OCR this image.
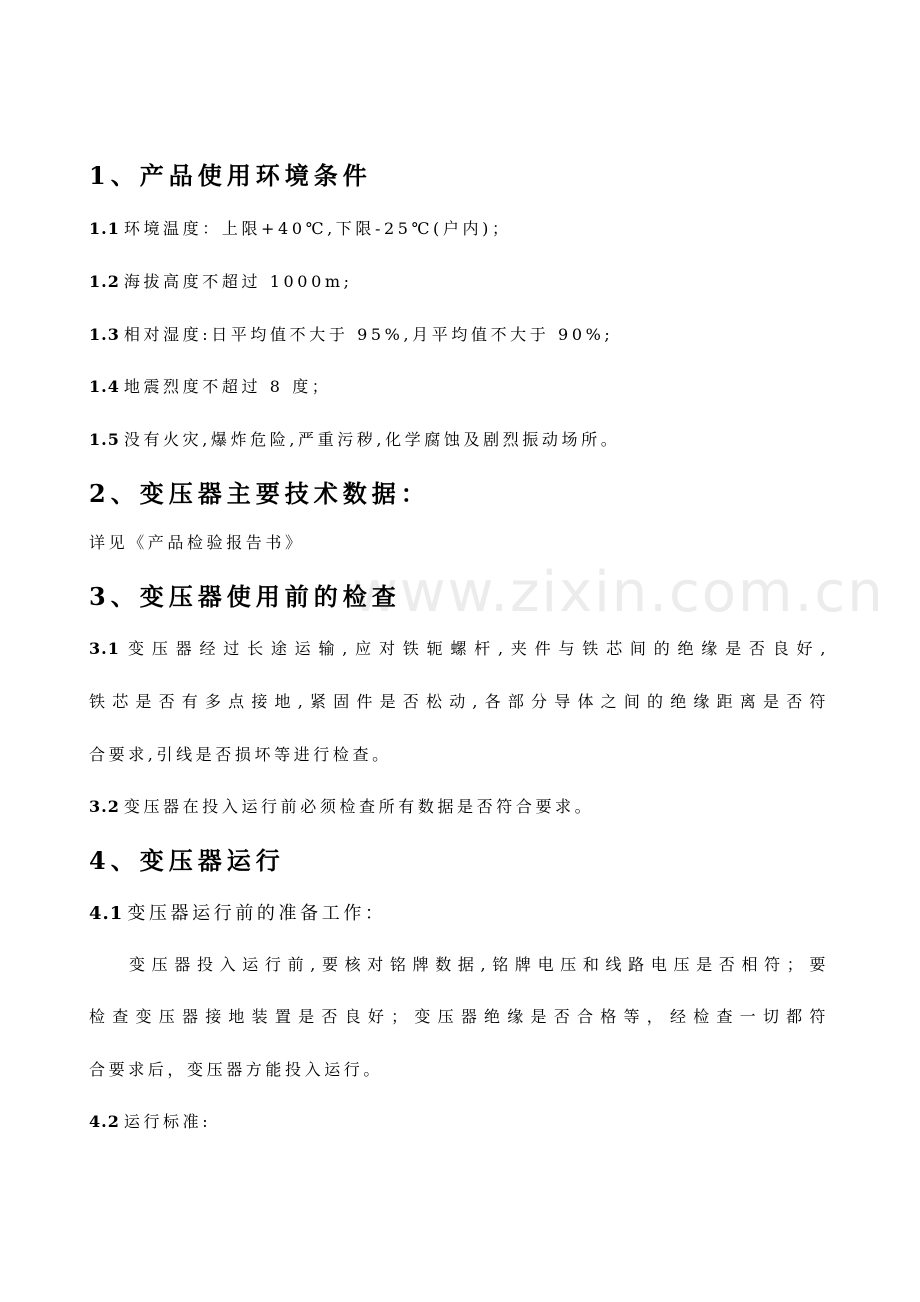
www.zixin.com.cn
1、产品使用环境条件
1.1 环境温度：上限+40℃,下限-25℃(户内)；
1.2 海拔高度不超过 1000m;
1.3 相对湿度:日平均值不大于 95%,月平均值不大于 90%;
1.4 地震烈度不超过 8 度；
1.5 没有火灾,爆炸危险,严重污秽,化学腐蚀及剧烈振动场所。
2、变压器主要技术数据：
详见《产品检验报告书》
3、变压器使用前的检查
3.1 变压器经过长途运输,应对铁轭螺杆,夹件与铁芯间的绝缘是否良好,
铁芯是否有多点接地,紧固件是否松动,各部分导体之间的绝缘距离是否符
合要求,引线是否损坏等进行检查。
3.2 变压器在投入运行前必须检查所有数据是否符合要求。
4、变压器运行
4.1 变压器运行前的准备工作：
变压器投入运行前,要核对铭牌数据,铭牌电压和线路电压是否相符；要
检查变压器接地装置是否良好；变压器绝缘是否合格等，经检查一切都符
合要求后，变压器方能投入运行。
4.2 运行标准:
